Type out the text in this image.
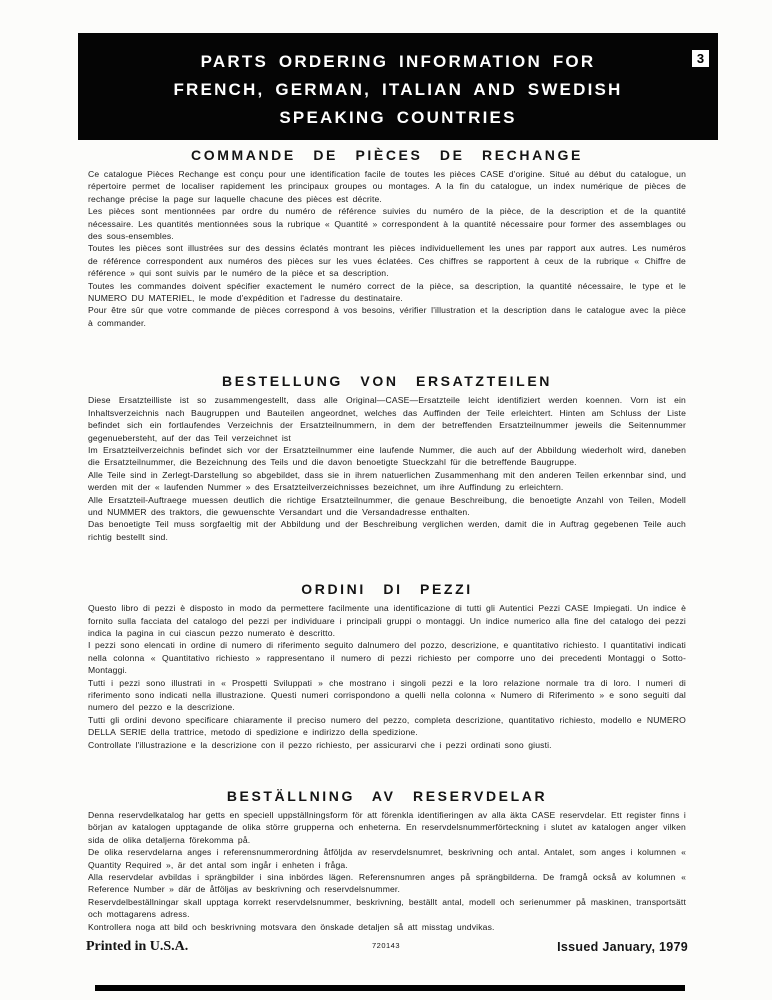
PARTS ORDERING INFORMATION FOR
FRENCH, GERMAN, ITALIAN AND SWEDISH
SPEAKING COUNTRIES
3
COMMANDE DE PIÈCES DE RECHANGE

Ce catalogue Pièces Rechange est conçu pour une identification facile de toutes les pièces CASE d'origine. Situé au début du catalogue, un répertoire permet de localiser rapidement les principaux groupes ou montages. A la fin du catalogue, un index numérique de pièces de rechange précise la page sur laquelle chacune des pièces est décrite.

Les pièces sont mentionnées par ordre du numéro de référence suivies du numéro de la pièce, de la description et de la quantité nécessaire. Les quantités mentionnées sous la rubrique « Quantité » correspondent à la quantité nécessaire pour former des assemblages ou des sous-ensembles.

Toutes les pièces sont illustrées sur des dessins éclatés montrant les pièces individuellement les unes par rapport aux autres. Les numéros de référence correspondent aux numéros des pièces sur les vues éclatées. Ces chiffres se rapportent à ceux de la rubrique « Chiffre de référence » qui sont suivis par le numéro de la pièce et sa description.

Toutes les commandes doivent spécifier exactement le numéro correct de la pièce, sa description, la quantité nécessaire, le type et le NUMERO DU MATERIEL, le mode d'expédition et l'adresse du destinataire.

Pour être sûr que votre commande de pièces correspond à vos besoins, vérifier l'illustration et la description dans le catalogue avec la pièce à commander.

BESTELLUNG VON ERSATZTEILEN

Diese Ersatzteilliste ist so zusammengestellt, dass alle Original—CASE—Ersatzteile leicht identifiziert werden koennen. Vorn ist ein Inhaltsverzeichnis nach Baugruppen und Bauteilen angeordnet, welches das Auffinden der Teile erleichtert. Hinten am Schluss der Liste befindet sich ein fortlaufendes Verzeichnis der Ersatzteilnummern, in dem der betreffenden Ersatzteilnummer jeweils die Seitennummer gegenuebersteht, auf der das Teil verzeichnet ist

Im Ersatzteilverzeichnis befindet sich vor der Ersatzteilnummer eine laufende Nummer, die auch auf der Abbildung wiederholt wird, daneben die Ersatzteilnummer, die Bezeichnung des Teils und die davon benoetigte Stueckzahl für die betreffende Baugruppe.

Alle Teile sind in Zerlegt-Darstellung so abgebildet, dass sie in ihrem natuerlichen Zusammenhang mit den anderen Teilen erkennbar sind, und werden mit der « laufenden Nummer » des Ersatzteilverzeichnisses bezeichnet, um ihre Auffindung zu erleichtern.

Alle Ersatzteil-Auftraege muessen deutlich die richtige Ersatzteilnummer, die genaue Beschreibung, die benoetigte Anzahl von Teilen, Modell und NUMMER des traktors, die gewuenschte Versandart und die Versandadresse enthalten.

Das benoetigte Teil muss sorgfaeltig mit der Abbildung und der Beschreibung verglichen werden, damit die in Auftrag gegebenen Teile auch richtig bestellt sind.

ORDINI DI PEZZI

Questo libro di pezzi è disposto in modo da permettere facilmente una identificazione di tutti gli Autentici Pezzi CASE Impiegati. Un indice è fornito sulla facciata del catalogo del pezzi per individuare i principali gruppi o montaggi. Un indice numerico alla fine del catalogo dei pezzi indica la pagina in cui ciascun pezzo numerato è descritto.

I pezzi sono elencati in ordine di numero di riferimento seguito dalnumero del pozzo, descrizione, e quantitativo richiesto. I quantitativi indicati nella colonna « Quantitativo richiesto » rappresentano il numero di pezzi richiesto per comporre uno dei precedenti Montaggi o Sotto- Montaggi.

Tutti i pezzi sono illustrati in « Prospetti Sviluppati » che mostrano i singoli pezzi e la loro relazione normale tra di loro. I numeri di riferimento sono indicati nella illustrazione. Questi numeri corrispondono a quelli nella colonna « Numero di Riferimento » e sono seguiti dal numero del pezzo e la descrizione.

Tutti gli ordini devono specificare chiaramente il preciso numero del pezzo, completa descrizione, quantitativo richiesto, modello e NUMERO DELLA SERIE della trattrice, metodo di spedizione e indirizzo della spedizione.

Controllate l'illustrazione e la descrizione con il pezzo richiesto, per assicurarvi che i pezzi ordinati sono giusti.

BESTÄLLNING AV RESERVDELAR

Denna reservdelkatalog har getts en speciell uppställningsform för att förenkla identifieringen av alla äkta CASE reservdelar. Ett register finns i början av katalogen upptagande de olika större grupperna och enheterna. En reservdelsnummerförteckning i slutet av katalogen anger vilken sida de olika detaljerna förekomma på.

De olika reservdelarna anges i referensnummerordning åtföljda av reservdelsnumret, beskrivning och antal. Antalet, som anges i kolumnen « Quantity Required », är det antal som ingår i enheten i fråga.

Alla reservdelar avbildas i sprängbilder i sina inbördes lägen. Referensnumren anges på sprängbilderna. De framgå också av kolumnen « Reference Number » där de åtföljas av beskrivning och reservdelsnummer.

Reservdelbeställningar skall upptaga korrekt reservdelsnummer, beskrivning, beställt antal, modell och serienummer på maskinen, transportsätt och mottagarens adress.

Kontrollera noga att bild och beskrivning motsvara den önskade detaljen så att misstag undvikas.

Printed in U.S.A.	720143	Issued January, 1979
